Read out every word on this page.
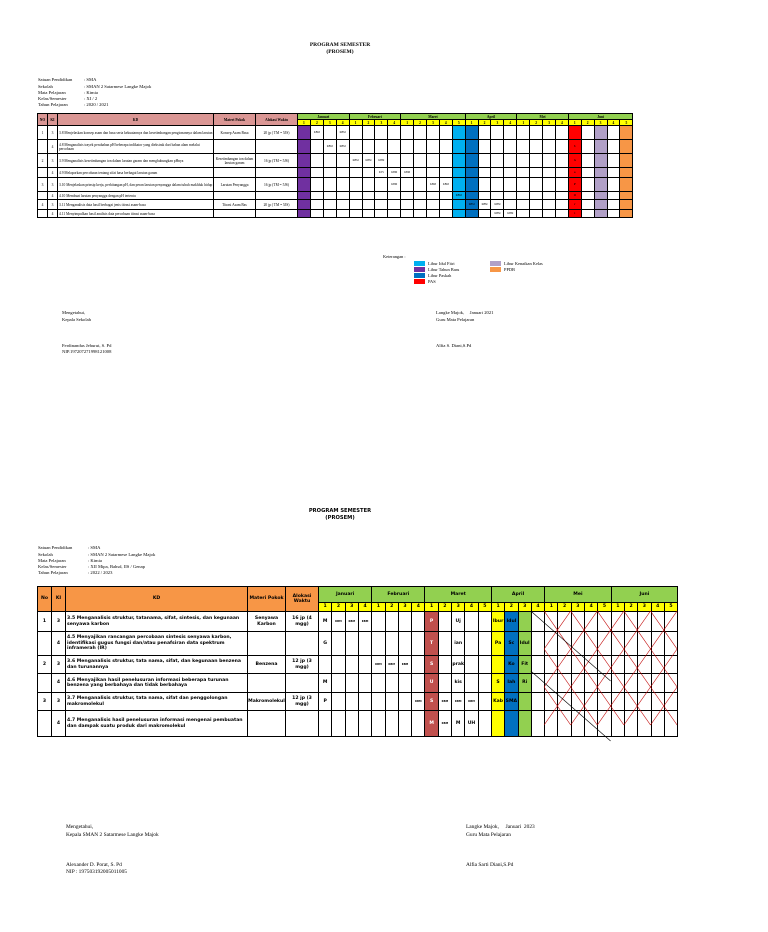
PROGRAM SEMESTER
(PROSEM)

Satuan Pendidikan	: SMA
Sekolah	: SMAN 2 Satarmese Langke Majok
Mata Pelajaran	: Kimia
Kelas/Semester	: XI / 2
Tahun Pelajaran	: 2020 / 2021

NO	KI	KD	Materi Pokok	Alokasi Waktu	Januari				Februari				Maret					April				Mei				Juni				
					1	2	3	4	1	2	3	4	1	2	3	4	5	1	2	3	4	1	2	3	4	1	2	3	4	5
1	3	3.8 Menjelaskan konsep asam dan basa serta kekuatannya dan kesetimbangan pengionannya dalam larutan	Konsep Asam Basa	20 jp ( TM = 5JS)		KBM		KBM																						
	4	4.8 Menganalisis trayek perubahan pH beberapa indikator yang diekstrak dari bahan alam melalui percobaan					KBM	KBM																		S				
2	3	3.9 Menganalisis kesetimbangan ion dalam larutan garam dan menghubungkan pHnya	Kesetimbangan ion dalam larutan garam	16 jp (TM = 5JS)					KBM	KBM	KBM															A				
	4	4.9 Melaporkan percobaan tentang sifat basa berbagai larutan garam									KTS	KBM	KBM													a				
3	3	3.10 Menjelaskan prinsip kerja, perhitungan pH, dan peran larutan penyangga dalam tubuh makhluk hidup	Larutan Penyangga	16 jp (TM = 5JS)								KBM			KBM	KBM										P				
	4	4.10 Membuat larutan penyangga dengan pH tertentu															KBM									O				
4	3	3.11 Menganalisis data hasil berbagai jenis titrasi asam-basa	Titrasi Asam Bas	20 jp ( TM = 5JS)														KBM	KBM	KBM						r				
	4	4.11 Menyimpulkan hasil analisis data percobaan titrasi asam-basa																		KBM	KBM					t				
Keterangan :
Libur Idul Fitri
Libur Tahun Baru
Libur Paskah
PAS
Libur Kenaikan Kelas
PPDB
Mengetahui,
Kepala Sekolah

Ferdinandus Jehurut, S. Pd
NIP.197207271998121008
Langke Majok,     Januari 2021
Guru Mata Pelajaran

Alfia S. Diani,S.Pd
PROGRAM SEMESTER
(PROSEM)

Satuan Pendidikan	: SMA
Sekolah	: SMAN 2 Satarmese Langke Majok
Mata Pelajaran	: Kimia
Kelas/Semester	: XII Mipa, Bahsd, IIS / Genap
Tahun Pelajaran	: 2022 / 2023

No	KI	KD	Materi Pokok	Alokasi Waktu	Januari				Februari				Maret					April				Mei					Juni				
					1	2	3	4	1	2	3	4	1	2	3	4	5	1	2	3	4	1	2	3	4	5	1	2	3	4	5
1	3	3.5 Menganalisis struktur, tatanama, sifat, sintesis, dan kegunaan senyawa karbon	Senyawa Karbon	16 jp (4 mgg)	M	KBM	KBM	KBM					P		Uj			Ibur	Idul												
	4	4.5 Menyajikan rancangan percobaan sintesis senyawa karbon, identifikasi gugus fungsi dan/atau penafsiran data spektrum inframerah (IR)			G								T		ian			Pa	Sc	Idul											
2	3	3.6 Menganalisis struktur, tata nama, sifat, dan kegunaan benzena dan turunannya	Benzena	12 jp (3 mgg)					KBM	KBM	KBM		S		prak				Ko	Fit											
	4	4.6 Menyajikan hasil penelusuran informasi beberapa turunan benzena yang berbahaya dan tidak berbahaya			M								U		kis			S	lah	Ri											
3	3	3.7 Menganalisis struktur, tata nama, sifat dan penggolongan makromolekul	Makromolekul	12 jp (3 mgg)	P							KBM	S	KBM	KBM	KBM		Kab	SMA												
	4	4.7 Menganalisis hasil penelusuran informasi mengenai pembuatan dan dampak suatu produk dari makromolekul											M	KBM	M	UH															
Mengetahui,
Kepala SMAN 2 Satarmese Langke Majok

Alexander D. Porat, S. Pd
NIP : 197503192005011005
Langke Majok,     Januari  2023
Guru Mata Pelajaran

Alfia Sarti Diani,S.Pd
